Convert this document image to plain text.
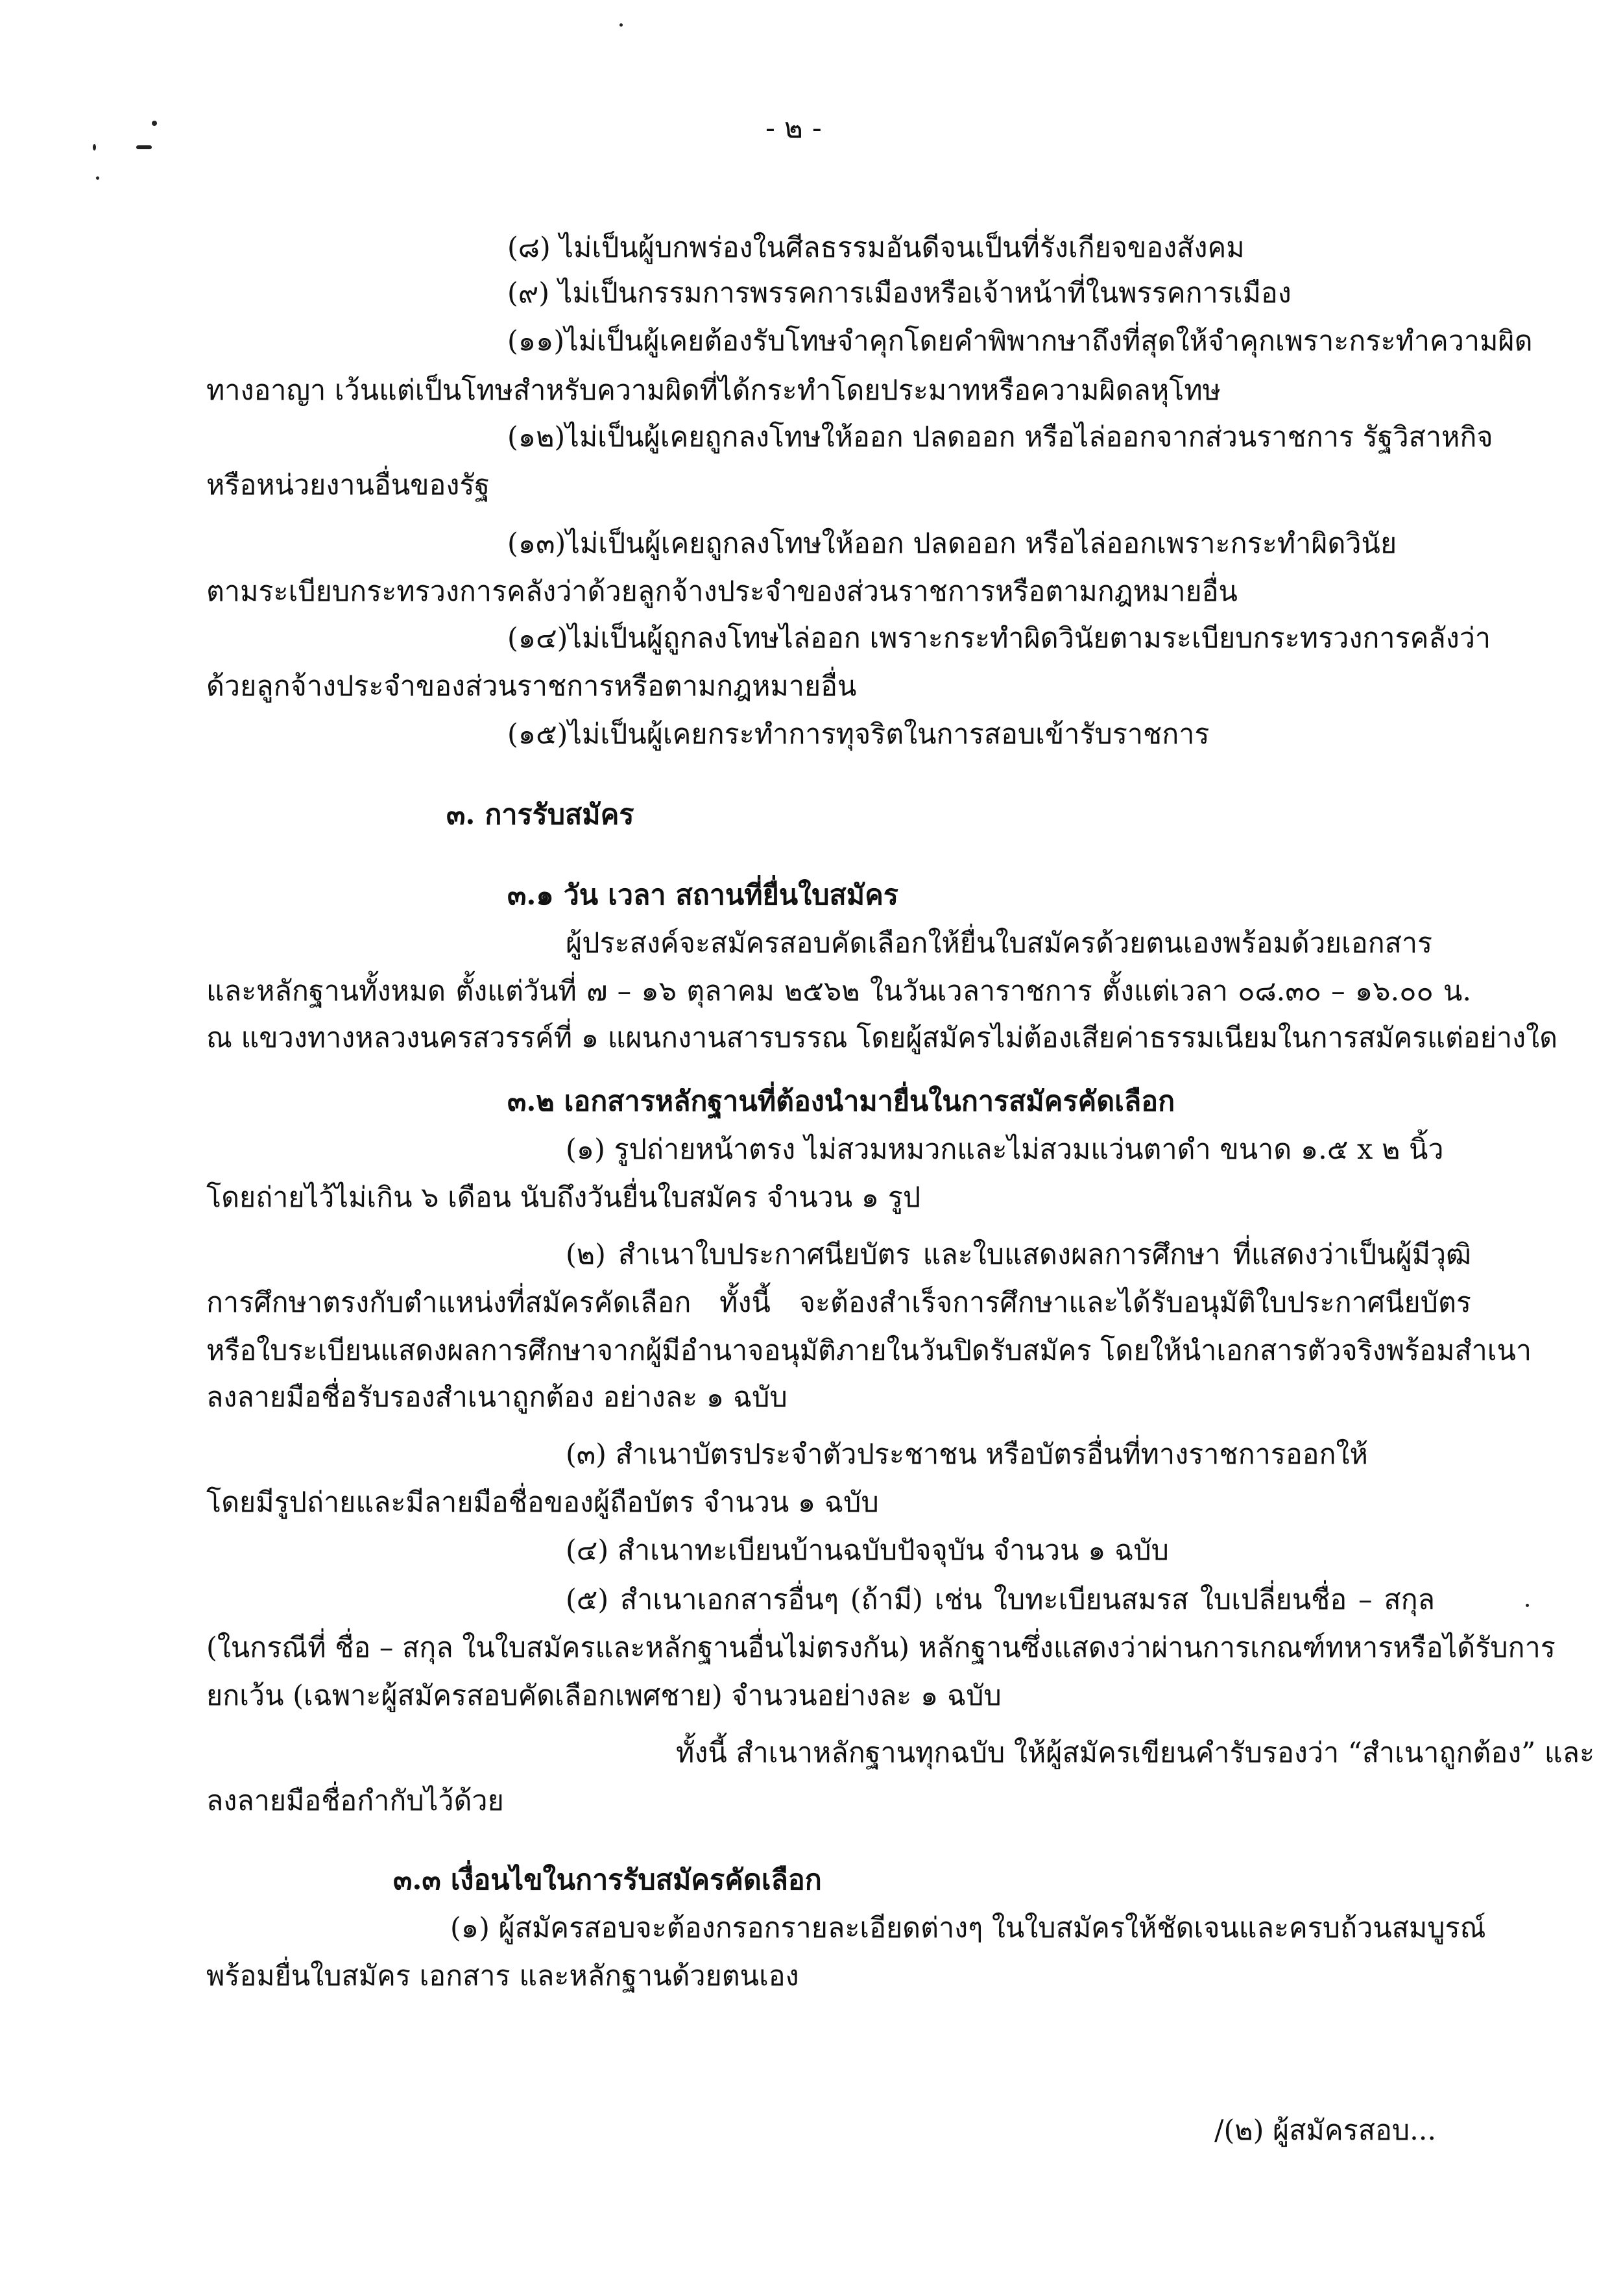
- ๒ -
(๘) ไม่เป็นผู้บกพร่องในศีลธรรมอันดีจนเป็นที่รังเกียจของสังคม
(๙) ไม่เป็นกรรมการพรรคการเมืองหรือเจ้าหน้าที่ในพรรคการเมือง
(๑๑)ไม่เป็นผู้เคยต้องรับโทษจำคุกโดยคำพิพากษาถึงที่สุดให้จำคุกเพราะกระทำความผิด
ทางอาญา เว้นแต่เป็นโทษสำหรับความผิดที่ได้กระทำโดยประมาทหรือความผิดลหุโทษ
(๑๒)ไม่เป็นผู้เคยถูกลงโทษให้ออก ปลดออก หรือไล่ออกจากส่วนราชการ รัฐวิสาหกิจ
หรือหน่วยงานอื่นของรัฐ
(๑๓)ไม่เป็นผู้เคยถูกลงโทษให้ออก ปลดออก หรือไล่ออกเพราะกระทำผิดวินัย
ตามระเบียบกระทรวงการคลังว่าด้วยลูกจ้างประจำของส่วนราชการหรือตามกฎหมายอื่น
(๑๔)ไม่เป็นผู้ถูกลงโทษไล่ออก เพราะกระทำผิดวินัยตามระเบียบกระทรวงการคลังว่า
ด้วยลูกจ้างประจำของส่วนราชการหรือตามกฎหมายอื่น
(๑๕)ไม่เป็นผู้เคยกระทำการทุจริตในการสอบเข้ารับราชการ
๓. การรับสมัคร
๓.๑ วัน เวลา สถานที่ยื่นใบสมัคร
ผู้ประสงค์จะสมัครสอบคัดเลือกให้ยื่นใบสมัครด้วยตนเองพร้อมด้วยเอกสาร
และหลักฐานทั้งหมด ตั้งแต่วันที่ ๗ – ๑๖ ตุลาคม ๒๕๖๒ ในวันเวลาราชการ ตั้งแต่เวลา ๐๘.๓๐ – ๑๖.๐๐ น.
ณ แขวงทางหลวงนครสวรรค์ที่ ๑ แผนกงานสารบรรณ โดยผู้สมัครไม่ต้องเสียค่าธรรมเนียมในการสมัครแต่อย่างใด
๓.๒ เอกสารหลักฐานที่ต้องนำมายื่นในการสมัครคัดเลือก
(๑) รูปถ่ายหน้าตรง ไม่สวมหมวกและไม่สวมแว่นตาดำ ขนาด ๑.๕ x ๒ นิ้ว
โดยถ่ายไว้ไม่เกิน ๖ เดือน นับถึงวันยื่นใบสมัคร จำนวน ๑ รูป
(๒) สำเนาใบประกาศนียบัตร และใบแสดงผลการศึกษา ที่แสดงว่าเป็นผู้มีวุฒิ
การศึกษาตรงกับตำแหน่งที่สมัครคัดเลือก ทั้งนี้ จะต้องสำเร็จการศึกษาและได้รับอนุมัติใบประกาศนียบัตร
หรือใบระเบียนแสดงผลการศึกษาจากผู้มีอำนาจอนุมัติภายในวันปิดรับสมัคร โดยให้นำเอกสารตัวจริงพร้อมสำเนา
ลงลายมือชื่อรับรองสำเนาถูกต้อง อย่างละ ๑ ฉบับ
(๓) สำเนาบัตรประจำตัวประชาชน หรือบัตรอื่นที่ทางราชการออกให้
โดยมีรูปถ่ายและมีลายมือชื่อของผู้ถือบัตร จำนวน ๑ ฉบับ
(๔) สำเนาทะเบียนบ้านฉบับปัจจุบัน จำนวน ๑ ฉบับ
(๕) สำเนาเอกสารอื่นๆ (ถ้ามี) เช่น ใบทะเบียนสมรส ใบเปลี่ยนชื่อ – สกุล
(ในกรณีที่ ชื่อ – สกุล ในใบสมัครและหลักฐานอื่นไม่ตรงกัน) หลักฐานซึ่งแสดงว่าผ่านการเกณฑ์ทหารหรือได้รับการ
ยกเว้น (เฉพาะผู้สมัครสอบคัดเลือกเพศชาย) จำนวนอย่างละ ๑ ฉบับ
ทั้งนี้ สำเนาหลักฐานทุกฉบับ ให้ผู้สมัครเขียนคำรับรองว่า “สำเนาถูกต้อง” และ
ลงลายมือชื่อกำกับไว้ด้วย
๓.๓ เงื่อนไขในการรับสมัครคัดเลือก
(๑) ผู้สมัครสอบจะต้องกรอกรายละเอียดต่างๆ ในใบสมัครให้ชัดเจนและครบถ้วนสมบูรณ์
พร้อมยื่นใบสมัคร เอกสาร และหลักฐานด้วยตนเอง
/(๒) ผู้สมัครสอบ...
